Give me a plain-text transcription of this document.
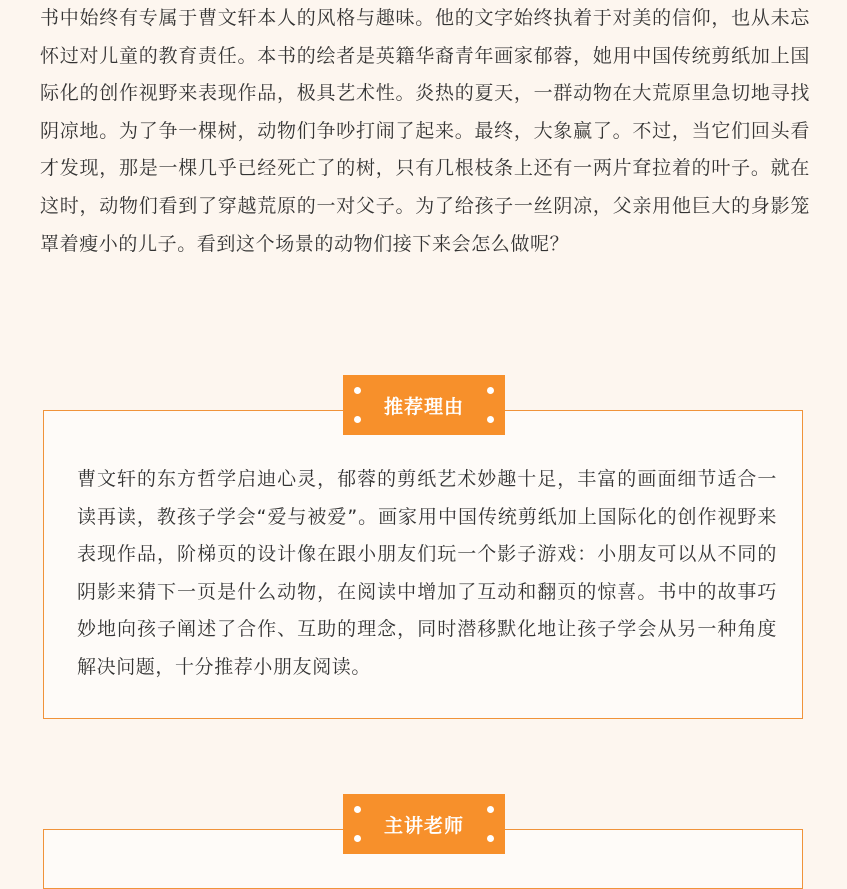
书中始终有专属于曹文轩本人的风格与趣味。他的文字始终执着于对美的信仰，也从未忘怀过对儿童的教育责任。本书的绘者是英籍华裔青年画家郁蓉，她用中国传统剪纸加上国际化的创作视野来表现作品，极具艺术性。炎热的夏天，一群动物在大荒原里急切地寻找阴凉地。为了争一棵树，动物们争吵打闹了起来。最终，大象赢了。不过，当它们回头看才发现，那是一棵几乎已经死亡了的树，只有几根枝条上还有一两片耷拉着的叶子。就在这时，动物们看到了穿越荒原的一对父子。为了给孩子一丝阴凉，父亲用他巨大的身影笼罩着瘦小的儿子。看到这个场景的动物们接下来会怎么做呢？

曹文轩的东方哲学启迪心灵，郁蓉的剪纸艺术妙趣十足，丰富的画面细节适合一读再读，教孩子学会“爱与被爱”。画家用中国传统剪纸加上国际化的创作视野来表现作品，阶梯页的设计像在跟小朋友们玩一个影子游戏：小朋友可以从不同的阴影来猜下一页是什么动物，在阅读中增加了互动和翻页的惊喜。书中的故事巧妙地向孩子阐述了合作、互助的理念，同时潜移默化地让孩子学会从另一种角度解决问题，十分推荐小朋友阅读。

推荐理由

主讲老师
